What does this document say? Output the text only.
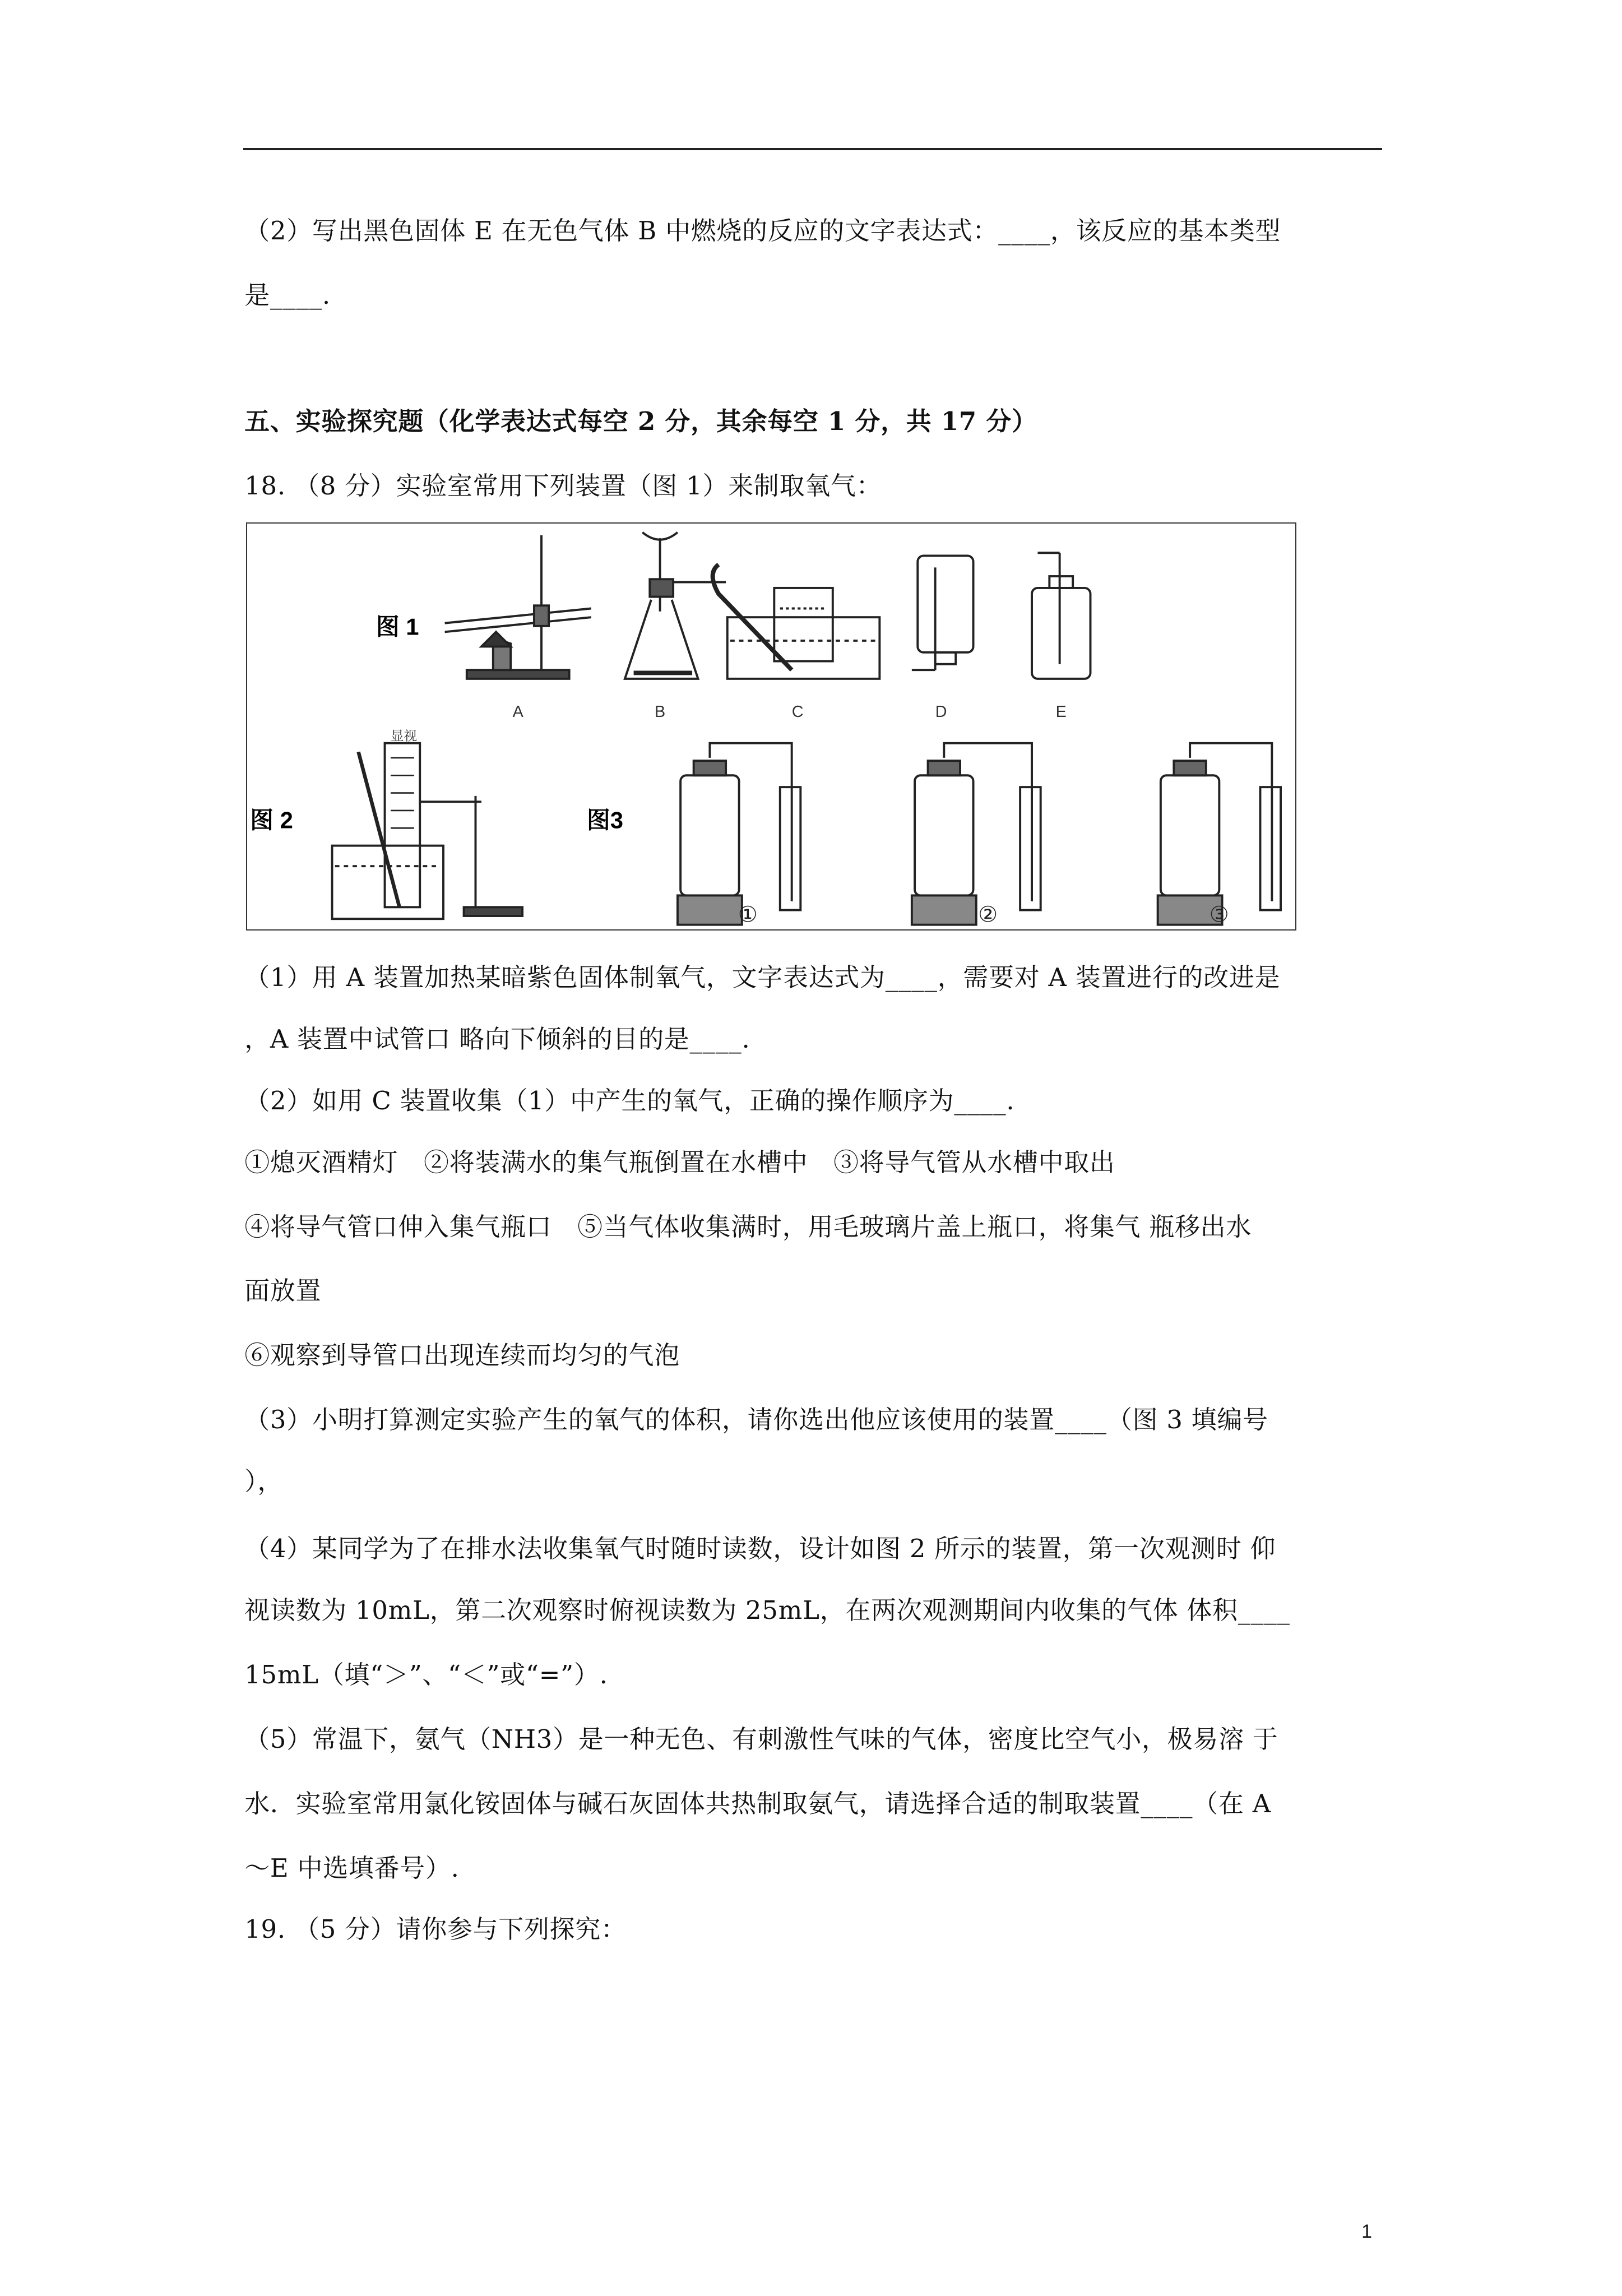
（2）写出黑色固体 E 在无色气体 B 中燃烧的反应的文字表达式：____，该反应的基本类型
是____.
五、实验探究题（化学表达式每空 2 分，其余每空 1 分，共 17 分）
18. （8 分）实验室常用下列装置（图 1）来制取氧气：
图 1
图 2	图3
A	B	C	D	E
显视
①	②	③
（1）用 A 装置加热某暗紫色固体制氧气，文字表达式为____，需要对 A 装置进行的改进是
，A 装置中试管口 略向下倾斜的目的是____.
（2）如用 C 装置收集（1）中产生的氧气，正确的操作顺序为____.
①熄灭酒精灯　②将装满水的集气瓶倒置在水槽中　③将导气管从水槽中取出
④将导气管口伸入集气瓶口　⑤当气体收集满时，用毛玻璃片盖上瓶口，将集气 瓶移出水
面放置
⑥观察到导管口出现连续而均匀的气泡
（3）小明打算测定实验产生的氧气的体积，请你选出他应该使用的装置____（图 3 填编号
），
（4）某同学为了在排水法收集氧气时随时读数，设计如图 2 所示的装置，第一次观测时 仰
视读数为 10mL，第二次观察时俯视读数为 25mL，在两次观测期间内收集的气体 体积____
15mL（填“＞”、“＜”或“=”）.
（5）常温下，氨气（NH3）是一种无色、有刺激性气味的气体，密度比空气小，极易溶 于
水．实验室常用氯化铵固体与碱石灰固体共热制取氨气，请选择合适的制取装置____（在 A
～E 中选填番号）.
19. （5 分）请你参与下列探究：
1
